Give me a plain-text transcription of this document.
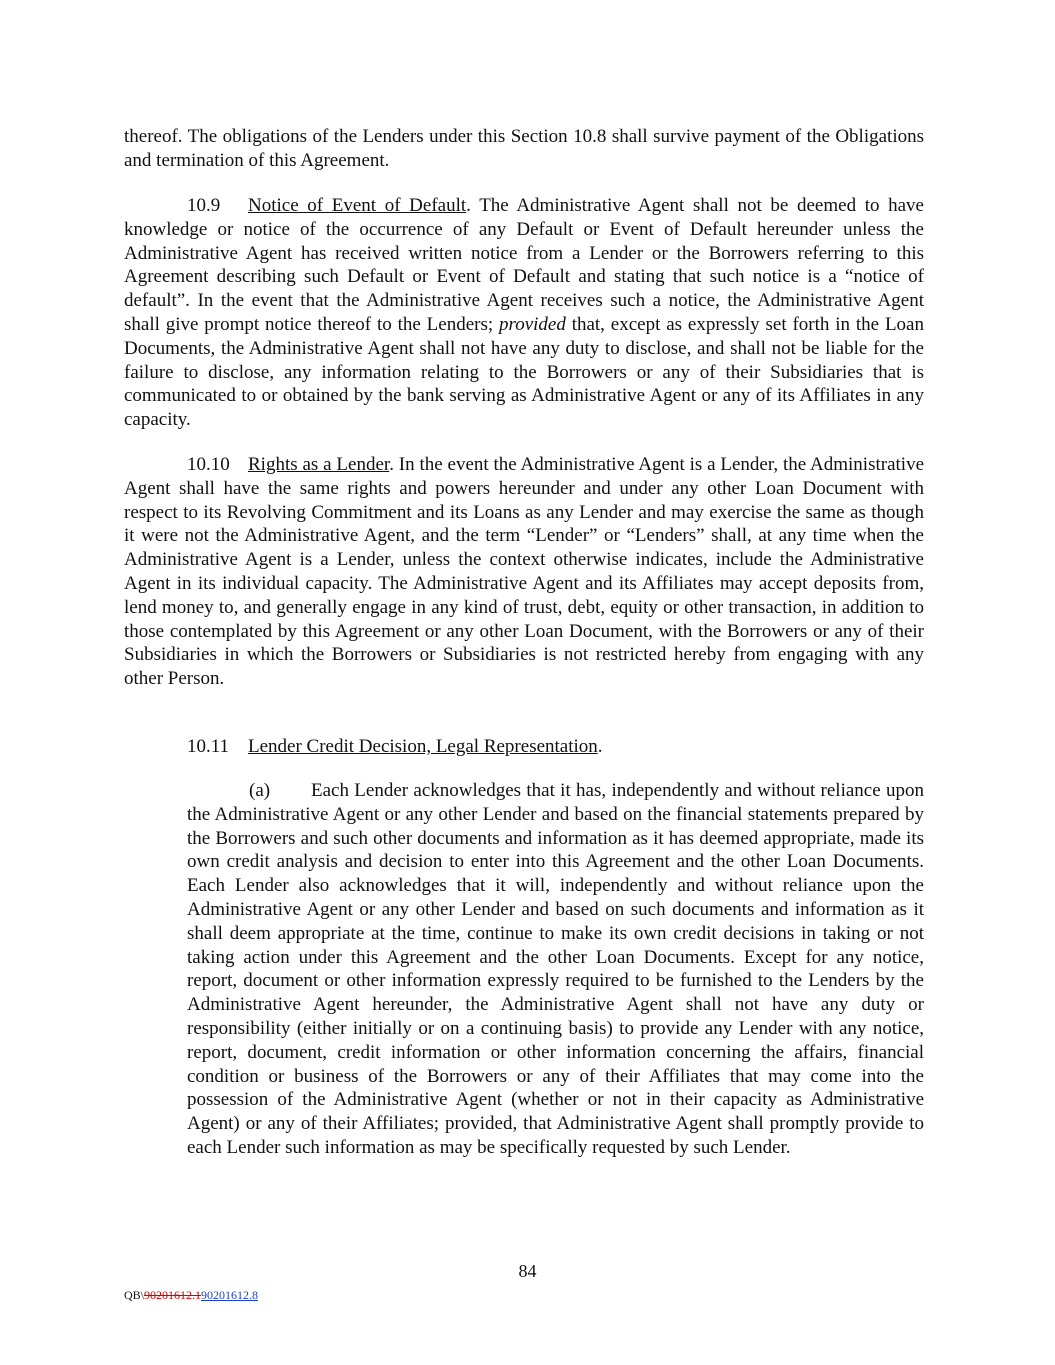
thereof. The obligations of the Lenders under this Section 10.8 shall survive payment of the Obligations and termination of this Agreement.

10.9 Notice of Event of Default. The Administrative Agent shall not be deemed to have knowledge or notice of the occurrence of any Default or Event of Default hereunder unless the Administrative Agent has received written notice from a Lender or the Borrowers referring to this Agreement describing such Default or Event of Default and stating that such notice is a “notice of default”. In the event that the Administrative Agent receives such a notice, the Administrative Agent shall give prompt notice thereof to the Lenders; provided that, except as expressly set forth in the Loan Documents, the Administrative Agent shall not have any duty to disclose, and shall not be liable for the failure to disclose, any information relating to the Borrowers or any of their Subsidiaries that is communicated to or obtained by the bank serving as Administrative Agent or any of its Affiliates in any capacity.

10.10 Rights as a Lender. In the event the Administrative Agent is a Lender, the Administrative Agent shall have the same rights and powers hereunder and under any other Loan Document with respect to its Revolving Commitment and its Loans as any Lender and may exercise the same as though it were not the Administrative Agent, and the term “Lender” or “Lenders” shall, at any time when the Administrative Agent is a Lender, unless the context otherwise indicates, include the Administrative Agent in its individual capacity. The Administrative Agent and its Affiliates may accept deposits from, lend money to, and generally engage in any kind of trust, debt, equity or other transaction, in addition to those contemplated by this Agreement or any other Loan Document, with the Borrowers or any of their Subsidiaries in which the Borrowers or Subsidiaries is not restricted hereby from engaging with any other Person.

10.11 Lender Credit Decision, Legal Representation.

(a) Each Lender acknowledges that it has, independently and without reliance upon the Administrative Agent or any other Lender and based on the financial statements prepared by the Borrowers and such other documents and information as it has deemed appropriate, made its own credit analysis and decision to enter into this Agreement and the other Loan Documents. Each Lender also acknowledges that it will, independently and without reliance upon the Administrative Agent or any other Lender and based on such documents and information as it shall deem appropriate at the time, continue to make its own credit decisions in taking or not taking action under this Agreement and the other Loan Documents. Except for any notice, report, document or other information expressly required to be furnished to the Lenders by the Administrative Agent hereunder, the Administrative Agent shall not have any duty or responsibility (either initially or on a continuing basis) to provide any Lender with any notice, report, document, credit information or other information concerning the affairs, financial condition or business of the Borrowers or any of their Affiliates that may come into the possession of the Administrative Agent (whether or not in their capacity as Administrative Agent) or any of their Affiliates; provided, that Administrative Agent shall promptly provide to each Lender such information as may be specifically requested by such Lender.

84
QB\90201612.190201612.8
